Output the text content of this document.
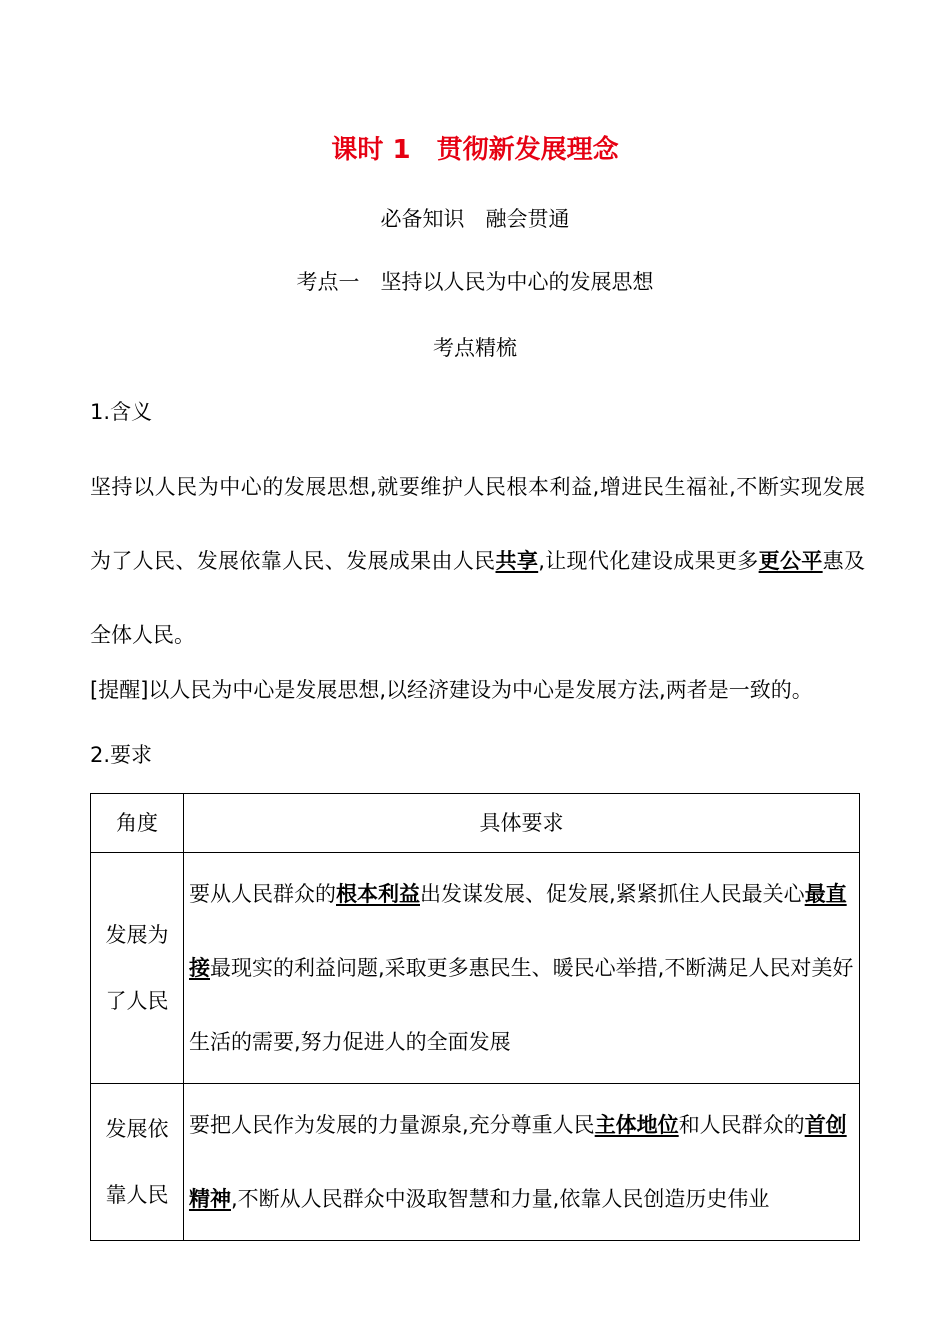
课时 1　贯彻新发展理念
必备知识　融会贯通
考点一　坚持以人民为中心的发展思想
考点精梳
1.含义
坚持以人民为中心的发展思想,就要维护人民根本利益,增进民生福祉,不断实现发展为了人民、发展依靠人民、发展成果由人民共享,让现代化建设成果更多更公平惠及全体人民。
[提醒]以人民为中心是发展思想,以经济建设为中心是发展方法,两者是一致的。
2.要求
角度	具体要求

发展为了人民	要从人民群众的根本利益出发谋发展、促发展,紧紧抓住人民最关心最直接最现实的利益问题,采取更多惠民生、暖民心举措,不断满足人民对美好生活的需要,努力促进人的全面发展

发展依靠人民	要把人民作为发展的力量源泉,充分尊重人民主体地位和人民群众的首创精神,不断从人民群众中汲取智慧和力量,依靠人民创造历史伟业
